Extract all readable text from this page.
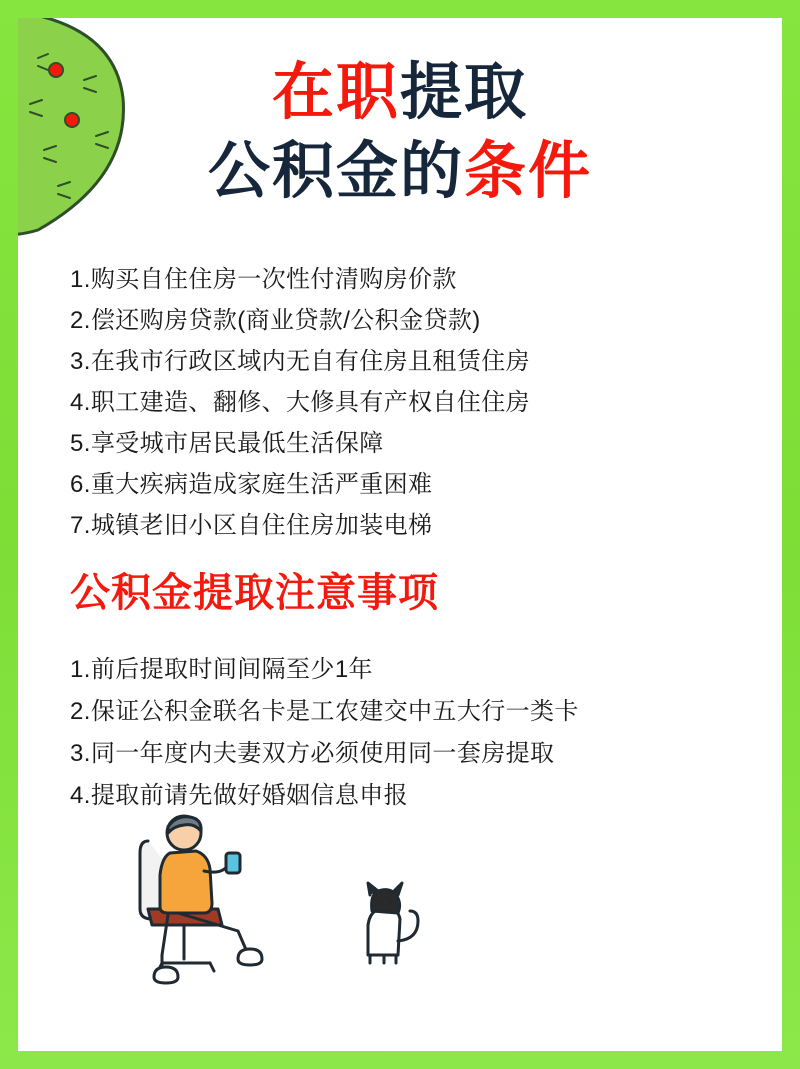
在职提取
公积金的条件
1.购买自住住房一次性付清购房价款
2.偿还购房贷款(商业贷款/公积金贷款)
3.在我市行政区域内无自有住房且租赁住房
4.职工建造、翻修、大修具有产权自住住房
5.享受城市居民最低生活保障
6.重大疾病造成家庭生活严重困难
7.城镇老旧小区自住住房加装电梯
公积金提取注意事项
1.前后提取时间间隔至少1年
2.保证公积金联名卡是工农建交中五大行一类卡
3.同一年度内夫妻双方必须使用同一套房提取
4.提取前请先做好婚姻信息申报
